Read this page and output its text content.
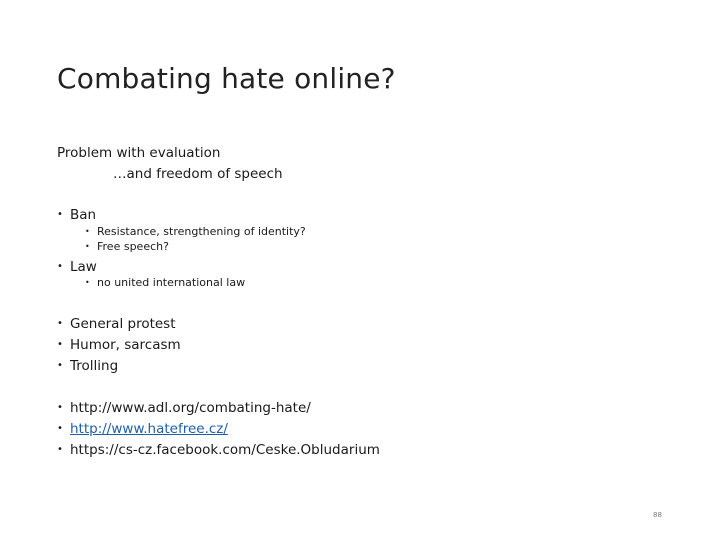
Combating hate online?
Problem with evaluation
…and freedom of speech
• Ban
• Resistance, strengthening of identity?
• Free speech?
• Law
• no united international law
• General protest
• Humor, sarcasm
• Trolling
• http://www.adl.org/combating-hate/
• http://www.hatefree.cz/
• https://cs-cz.facebook.com/Ceske.Obludarium
88
